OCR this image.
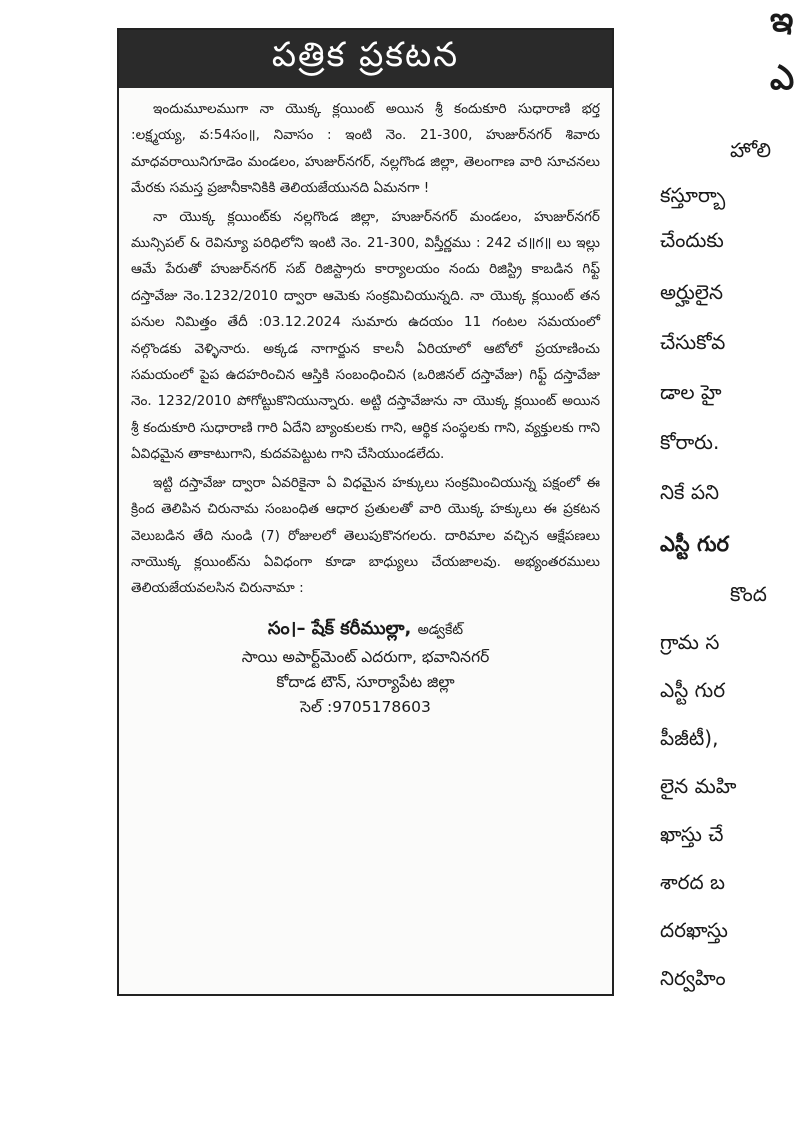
పత్రిక ప్రకటన

ఇందుమూలముగా నా యొక్క క్లయింట్ అయిన శ్రీ కందుకూరి సుధారాణి భర్త :లక్ష్మయ్య, వ:54సం॥, నివాసం : ఇంటి నెం. 21-300, హుజుర్‌నగర్ శివారు మాధవరాయినిగూడెం మండలం, హుజుర్‌నగర్, నల్లగొండ జిల్లా, తెలంగాణ వారి సూచనలు మేరకు సమస్త ప్రజానీకానికికి తెలియజేయునది ఏమనగా !

నా యొక్క క్లయింట్‌కు నల్లగొండ జిల్లా, హుజుర్‌నగర్ మండలం, హుజుర్‌నగర్ మున్సిపల్ & రెవిన్యూ పరిధిలోని ఇంటి నెం. 21-300, విస్తీర్ణము : 242 చ॥గ॥ లు ఇల్లు ఆమే పేరుతో హుజుర్‌నగర్ సబ్ రిజిస్ట్రారు కార్యాలయం నందు రిజిస్ట్రి కాబడిన గిఫ్ట్ దస్తావేజు నెం.1232/2010 ద్వారా ఆమెకు సంక్రమిచియున్నది. నా యొక్క క్లయింట్ తన పనుల నిమిత్తం తేదీ :03.12.2024 సుమారు ఉదయం 11 గంటల సమయంలో నల్గొండకు వెళ్ళినారు. అక్కడ నాగార్జున కాలనీ ఏరియాలో ఆటోలో ప్రయాణించు సమయంలో పైప ఉదహరించిన ఆస్తికి సంబంధించిన (ఒరిజినల్ దస్తావేజు) గిఫ్ట్ దస్తావేజు నెం. 1232/2010 పోగోట్టుకొనియున్నారు. అట్టి దస్తావేజును నా యొక్క క్లయింట్ అయిన శ్రీ కందుకూరి సుధారాణి గారి ఏదేని బ్యాంకులకు గాని, ఆర్థిక సంస్థలకు గాని, వ్యక్తులకు గాని ఏవిధమైన తాకాటుగాని, కుదవపెట్టుట గాని చేసియుండలేదు.

ఇట్టి దస్తావేజు ద్వారా ఏవరికైనా ఏ విధమైన హక్కులు సంక్రమించియున్న పక్షంలో ఈ క్రింద తెలిపిన చిరునామ సంబంధిత ఆధార ప్రతులతో వారి యొక్క హక్కులు ఈ ప్రకటన వెలుబడిన తేది నుండి (7) రోజులలో తెలుపుకొనగలరు. దారిమాల వచ్చిన ఆక్షేపణలు నాయొక్క క్లయింట్‌ను ఏవిధంగా కూడా బాధ్యులు చేయజాలవు. అభ్యంతరములు తెలియజేయవలసిన చిరునామా :

సం।– షేక్ కరీముల్లా, అడ్వకేట్
సాయి అపార్ట్‌మెంట్ ఎదరుగా, భవానినగర్
కోదాడ టౌన్, సూర్యాపేట జిల్లా
సెల్ :9705178603
ఇ
ఎ
హోలి
కస్తూర్బా
చేందుకు
అర్హులైన
చేసుకోవ
డాల హై
కోరారు.
నికే పని
ఎస్టీ గుర
కొంద
గ్రామ స
ఎస్టీ గుర
పీజీటీ),
లైన మహి
ఖాస్తు చే
శారద బ
దరఖాస్తు
నిర్వహిం
